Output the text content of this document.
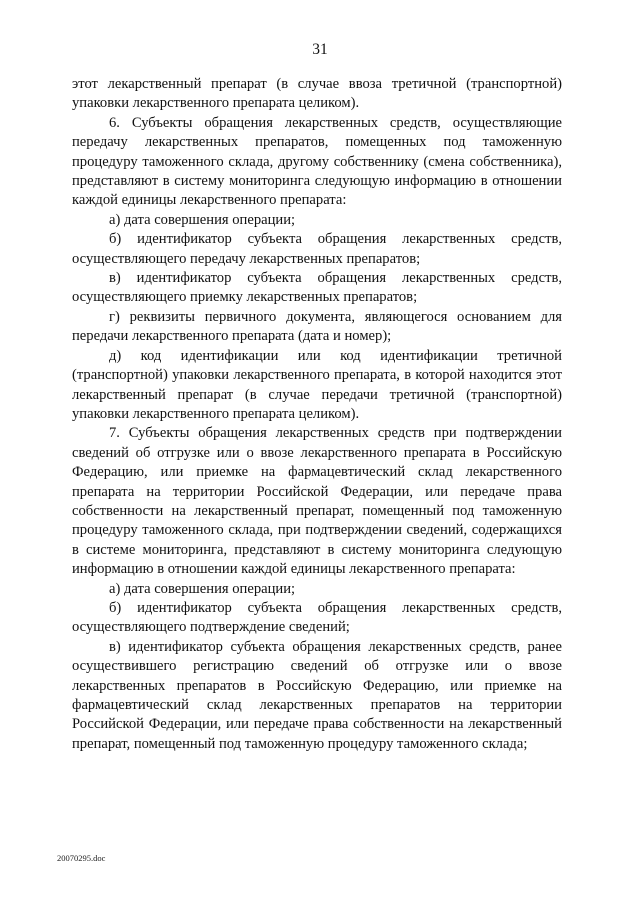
31

этот лекарственный препарат (в случае ввоза третичной (транспортной) упаковки лекарственного препарата целиком).

6. Субъекты обращения лекарственных средств, осуществляющие передачу лекарственных препаратов, помещенных под таможенную процедуру таможенного склада, другому собственнику (смена собственника), представляют в систему мониторинга следующую информацию в отношении каждой единицы лекарственного препарата:

а) дата совершения операции;

б) идентификатор субъекта обращения лекарственных средств, осуществляющего передачу лекарственных препаратов;

в) идентификатор субъекта обращения лекарственных средств, осуществляющего приемку лекарственных препаратов;

г) реквизиты первичного документа, являющегося основанием для передачи лекарственного препарата (дата и номер);

д) код идентификации или код идентификации третичной (транспортной) упаковки лекарственного препарата, в которой находится этот лекарственный препарат (в случае передачи третичной (транспортной) упаковки лекарственного препарата целиком).

7. Субъекты обращения лекарственных средств при подтверждении сведений об отгрузке или о ввозе лекарственного препарата в Российскую Федерацию, или приемке на фармацевтический склад лекарственного препарата на территории Российской Федерации, или передаче права собственности на лекарственный препарат, помещенный под таможенную процедуру таможенного склада, при подтверждении сведений, содержащихся в системе мониторинга, представляют в систему мониторинга следующую информацию в отношении каждой единицы лекарственного препарата:

а) дата совершения операции;

б) идентификатор субъекта обращения лекарственных средств, осуществляющего подтверждение сведений;

в) идентификатор субъекта обращения лекарственных средств, ранее осуществившего регистрацию сведений об отгрузке или о ввозе лекарственных препаратов в Российскую Федерацию, или приемке на фармацевтический склад лекарственных препаратов на территории Российской Федерации, или передаче права собственности на лекарственный препарат, помещенный под таможенную процедуру таможенного склада;

20070295.doc
